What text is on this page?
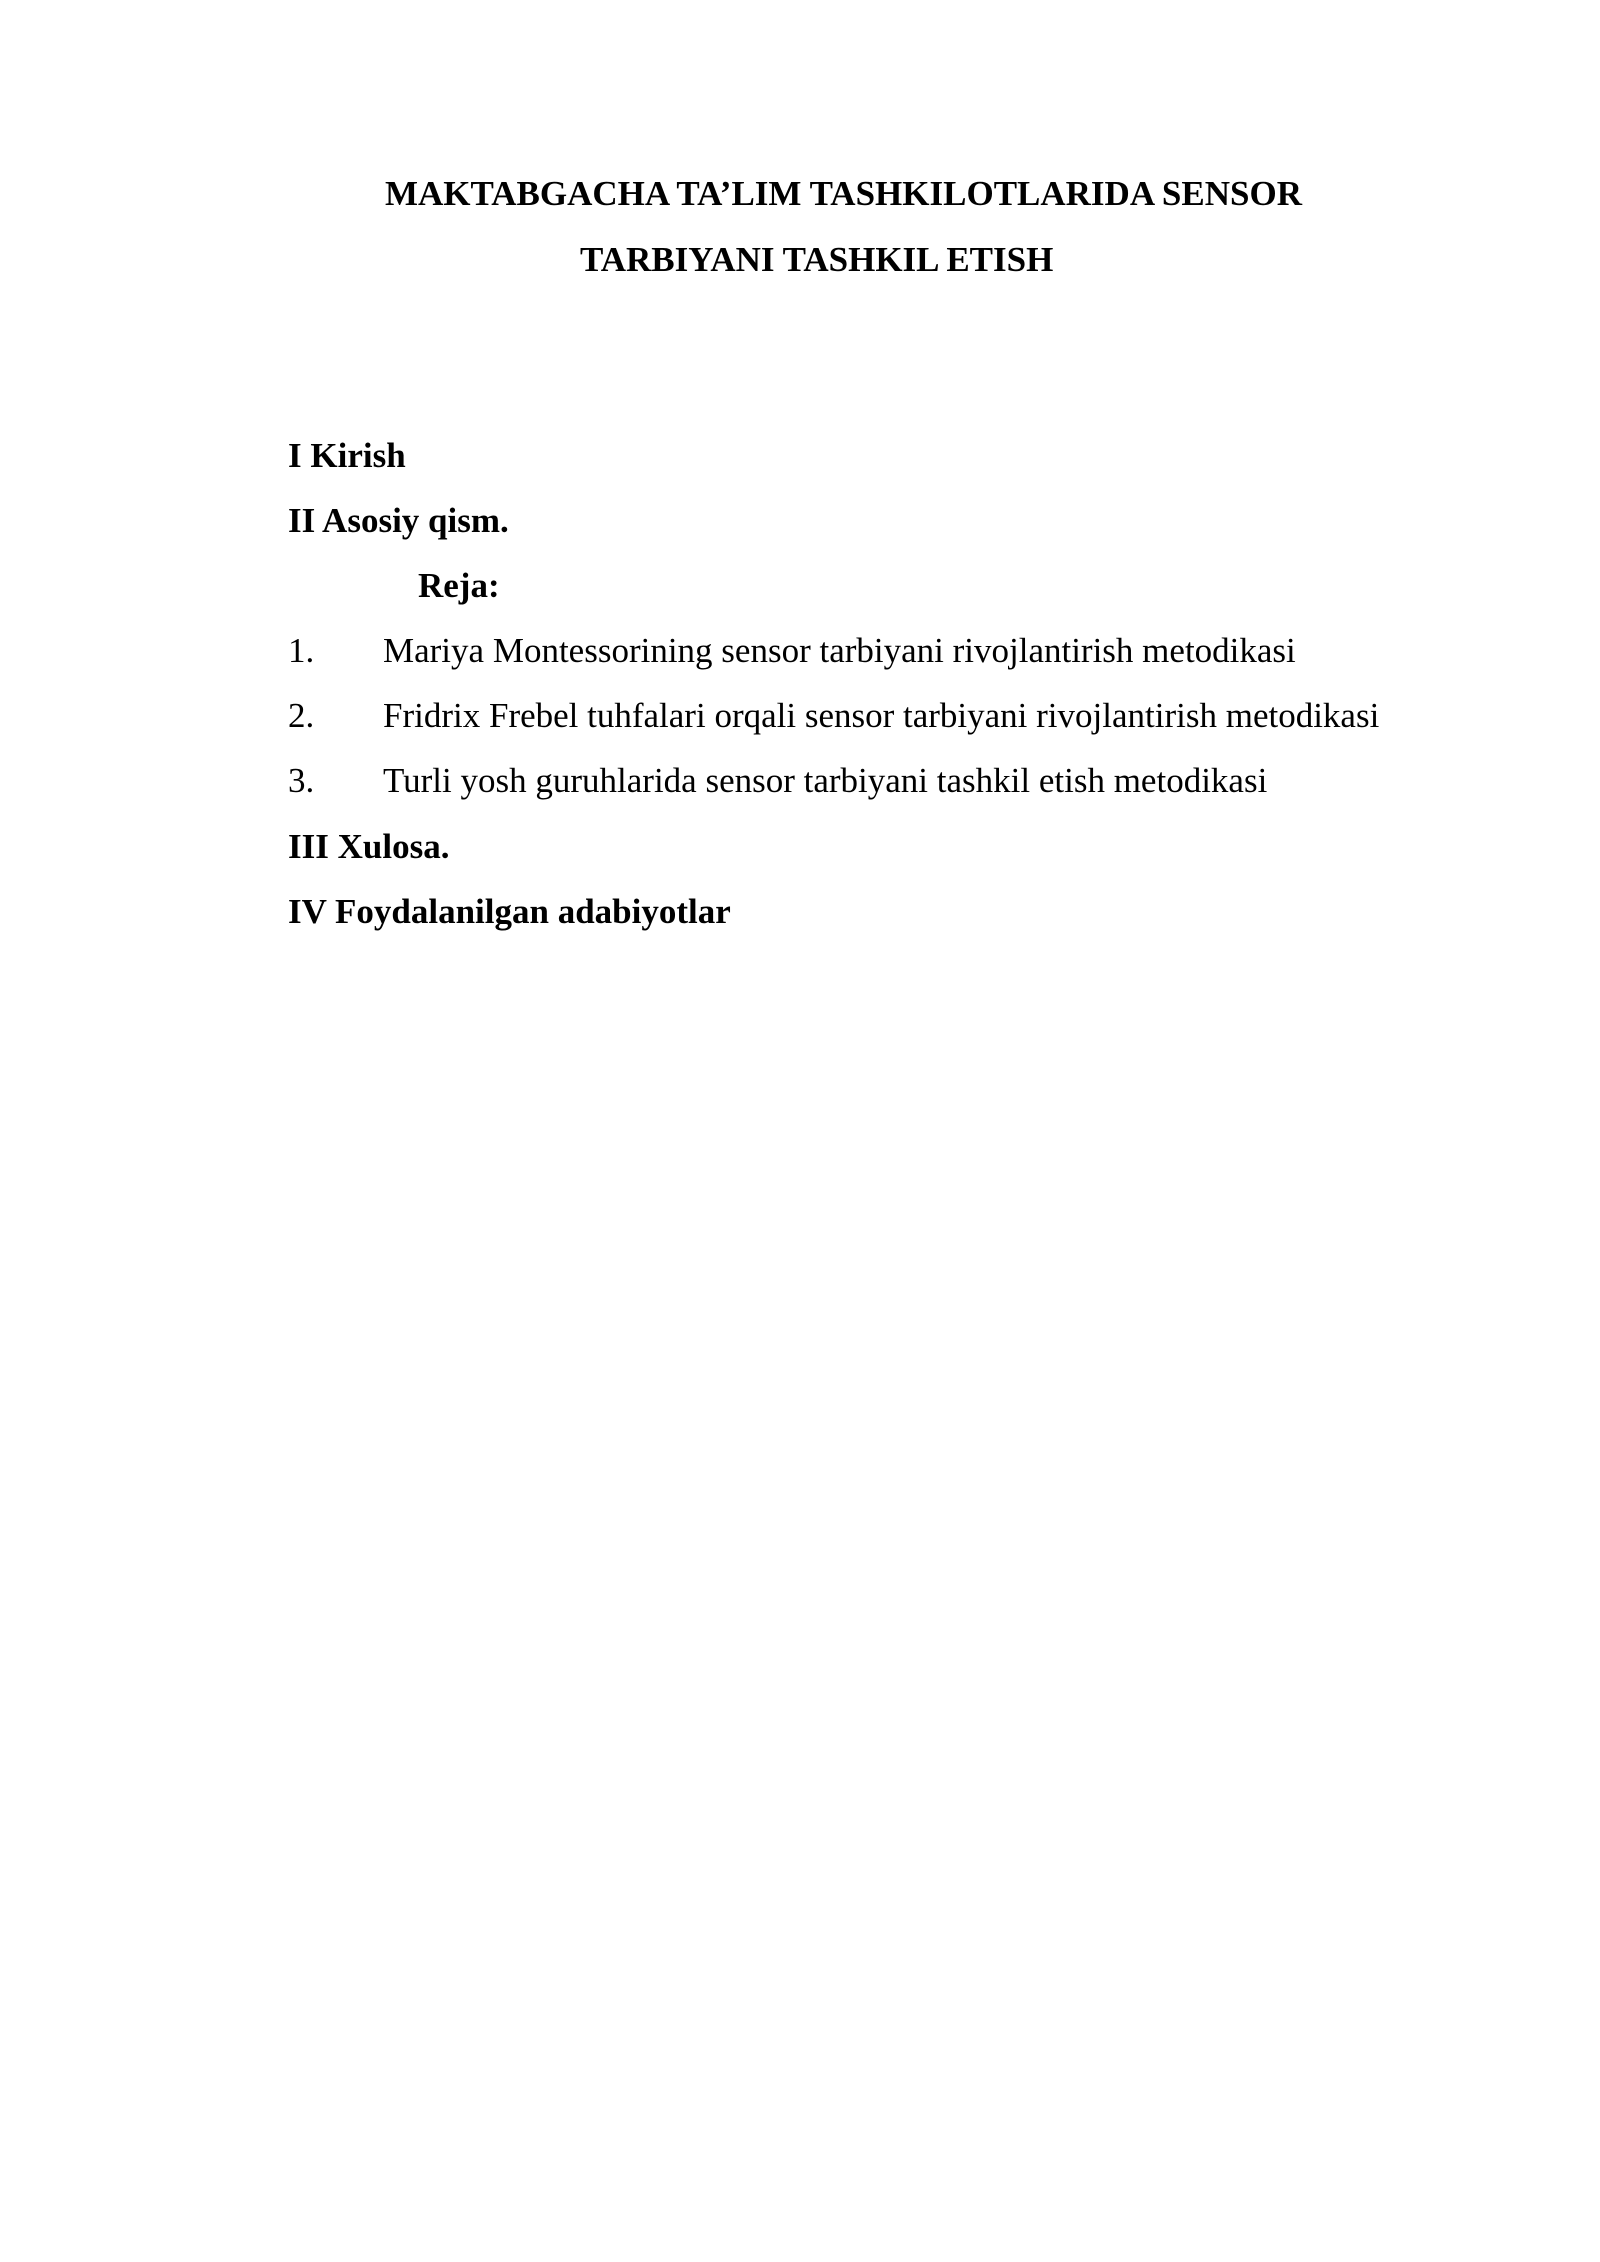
MAKTABGACHA TA’LIM TASHKILOTLARIDA SENSOR
TARBIYANI TASHKIL ETISH
I Kirish
II Asosiy qism.
Reja:
1. Mariya Montessorining sensor tarbiyani rivojlantirish metodikasi
2. Fridrix Frebel tuhfalari orqali sensor tarbiyani rivojlantirish metodikasi
3. Turli yosh guruhlarida sensor tarbiyani tashkil etish metodikasi
III Xulosa.
IV Foydalanilgan adabiyotlar
